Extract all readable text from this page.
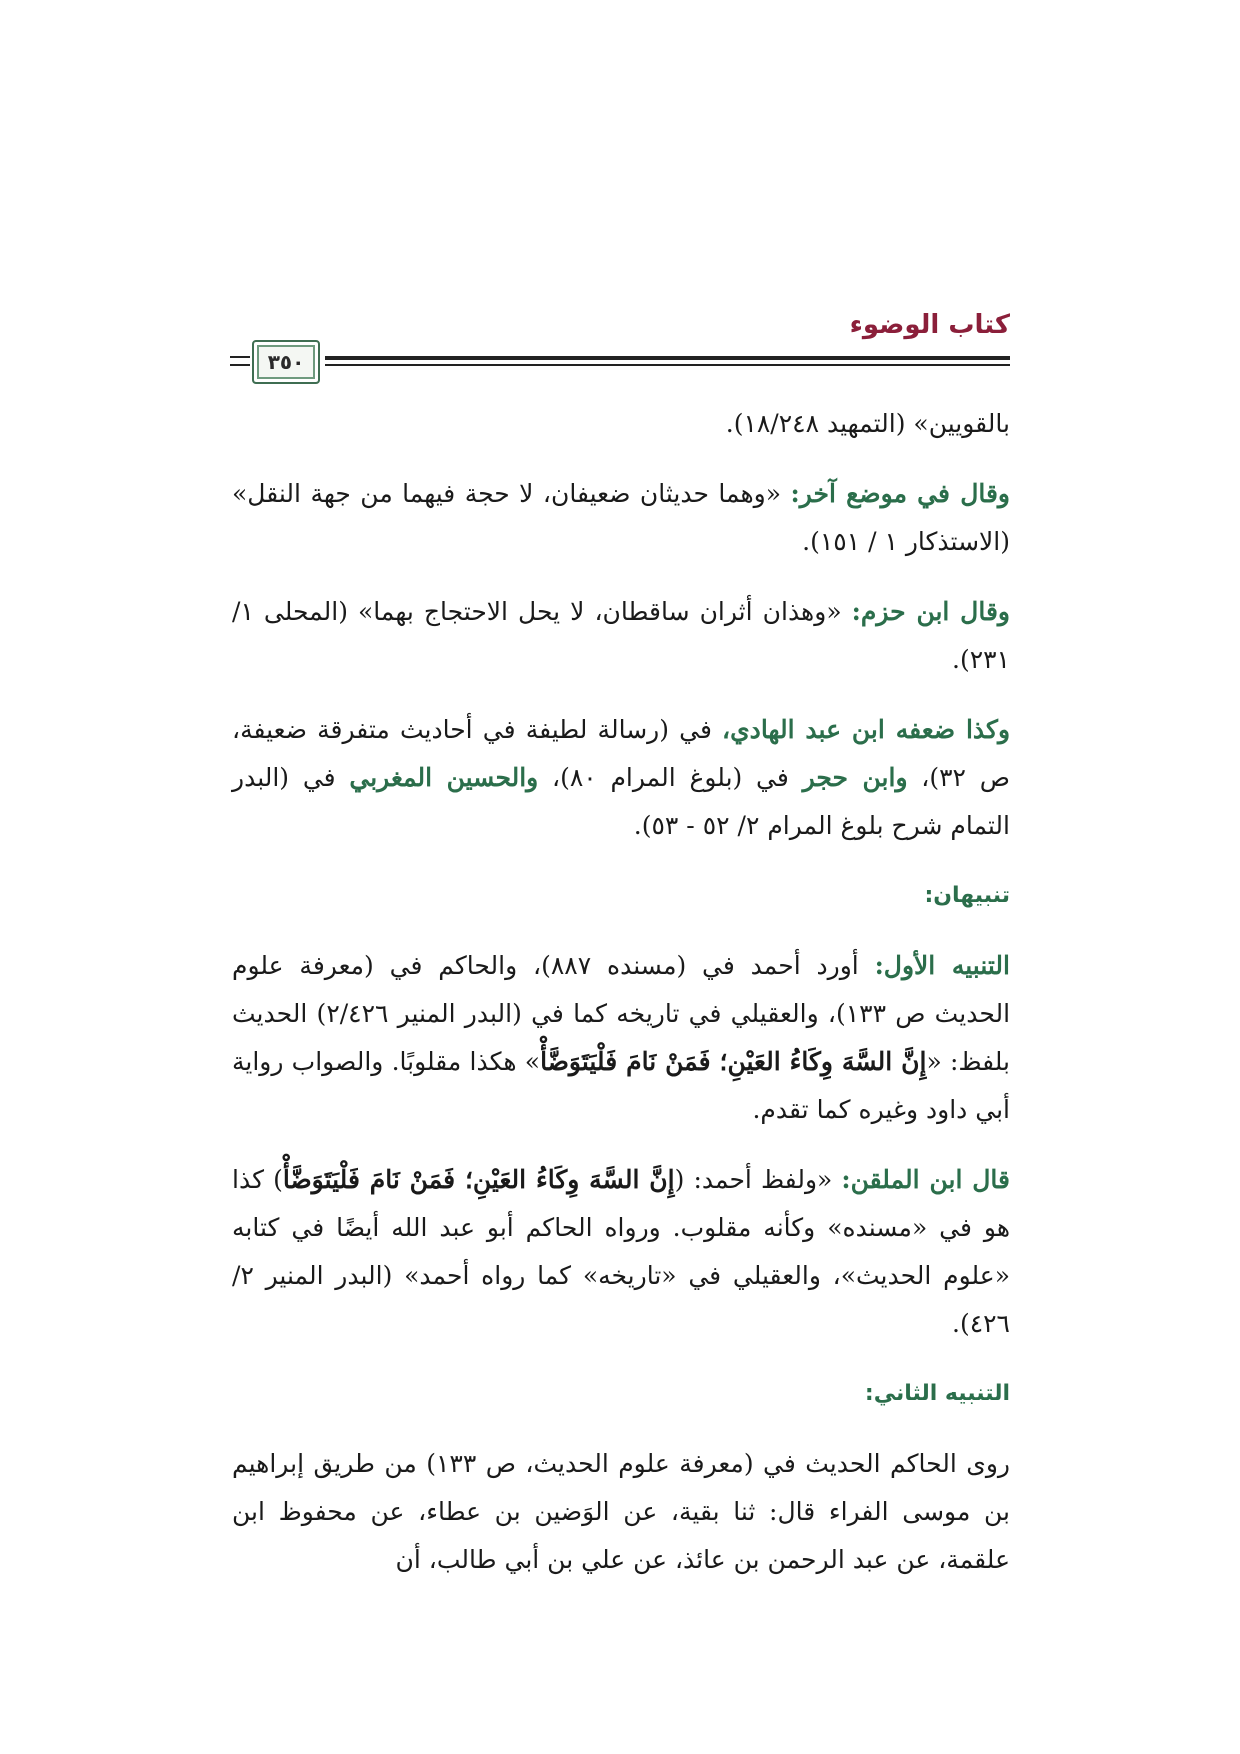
كتاب الوضوء
٣٥٠

بالقويين» (التمهيد ١٨/٢٤٨).

وقال في موضع آخر: «وهما حديثان ضعيفان، لا حجة فيهما من جهة النقل» (الاستذكار ١ / ١٥١).

وقال ابن حزم: «وهذان أثران ساقطان، لا يحل الاحتجاج بهما» (المحلى ١/ ٢٣١).

وكذا ضعفه ابن عبد الهادي، في (رسالة لطيفة في أحاديث متفرقة ضعيفة، ص ٣٢)، وابن حجر في (بلوغ المرام ٨٠)، والحسين المغربي في (البدر التمام شرح بلوغ المرام ٢/ ٥٢ - ٥٣).

تنبيهان:

التنبيه الأول: أورد أحمد في (مسنده ٨٨٧)، والحاكم في (معرفة علوم الحديث ص ١٣٣)، والعقيلي في تاريخه كما في (البدر المنير ٢/٤٢٦) الحديث بلفظ: «إِنَّ السَّهَ وِكَاءُ العَيْنِ؛ فَمَنْ نَامَ فَلْيَتَوَضَّأْ» هكذا مقلوبًا. والصواب رواية أبي داود وغيره كما تقدم.

قال ابن الملقن: «ولفظ أحمد: (إِنَّ السَّهَ وِكَاءُ العَيْنِ؛ فَمَنْ نَامَ فَلْيَتَوَضَّأْ) كذا هو في «مسنده» وكأنه مقلوب. ورواه الحاكم أبو عبد الله أيضًا في كتابه «علوم الحديث»، والعقيلي في «تاريخه» كما رواه أحمد» (البدر المنير ٢/ ٤٢٦).

التنبيه الثاني:

روى الحاكم الحديث في (معرفة علوم الحديث، ص ١٣٣) من طريق إبراهيم بن موسى الفراء قال: ثنا بقية، عن الوَضين بن عطاء، عن محفوظ ابن علقمة، عن عبد الرحمن بن عائذ، عن علي بن أبي طالب، أن
